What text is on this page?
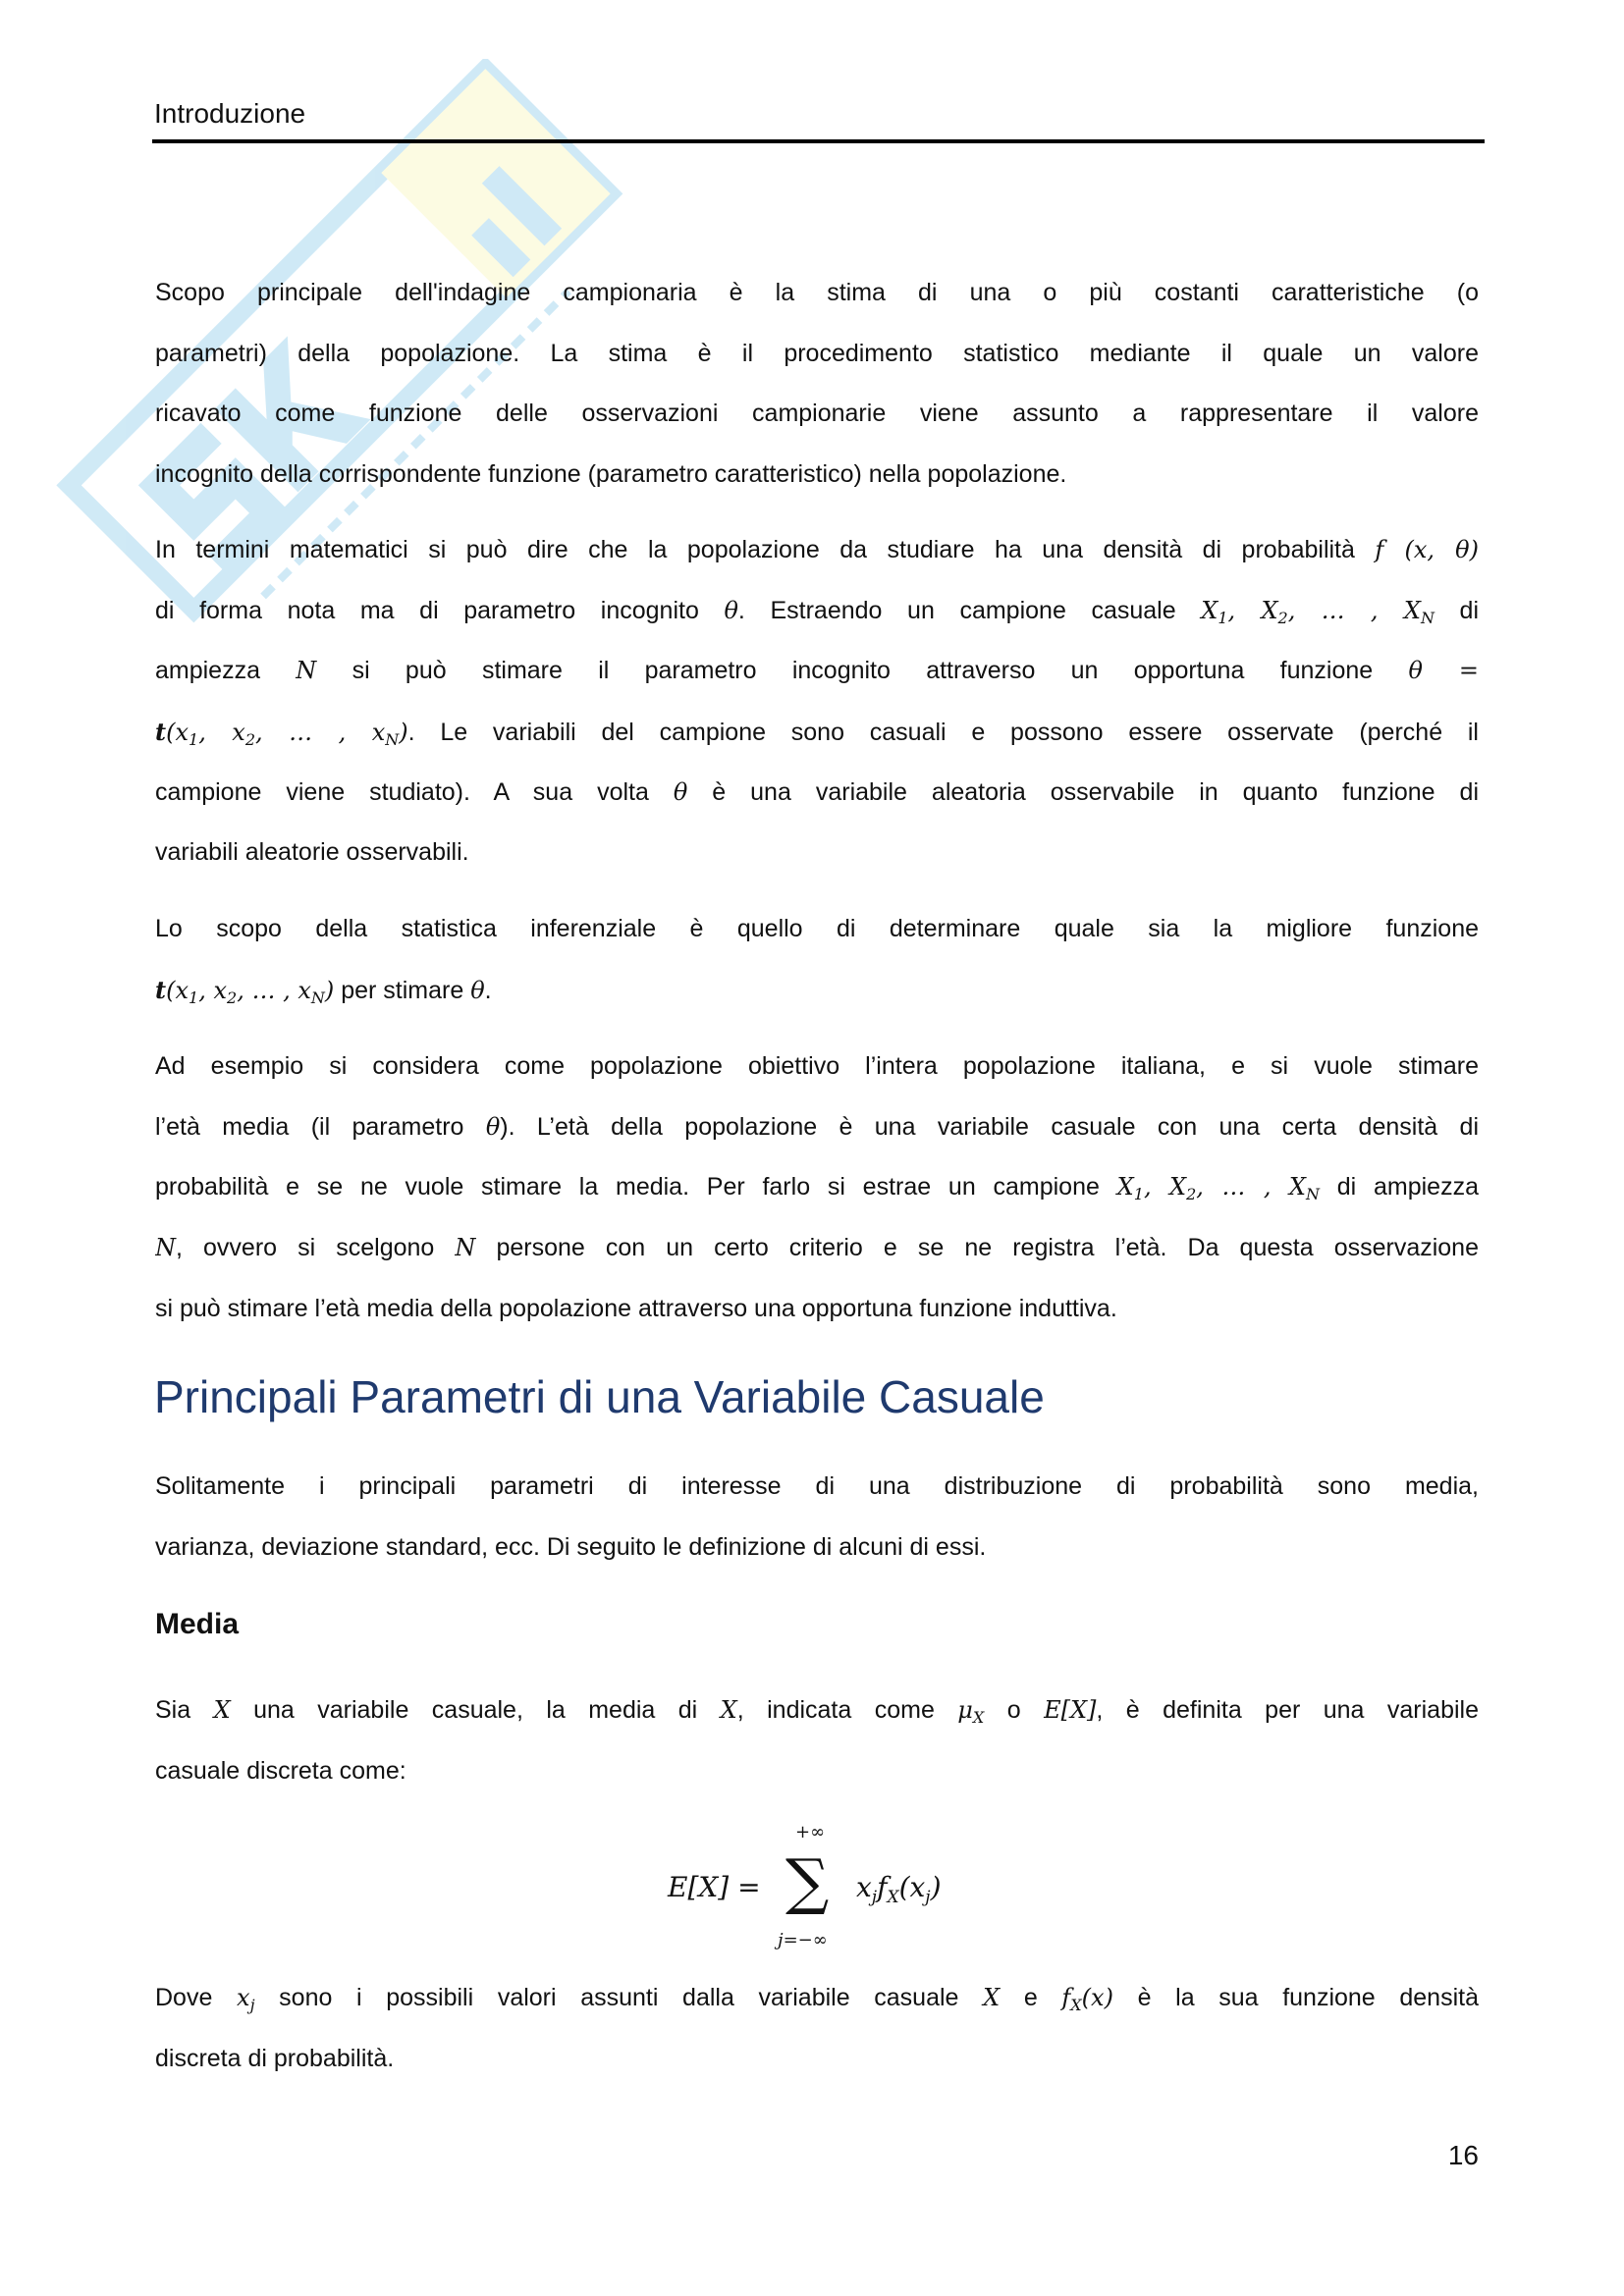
Introduzione
Scopo principale dell'indagine campionaria è la stima di una o più costanti caratteristiche (o
parametri) della popolazione. La stima è il procedimento statistico mediante il quale un valore
ricavato come funzione delle osservazioni campionarie viene assunto a rappresentare il valore
incognito della corrispondente funzione (parametro caratteristico) nella popolazione.
In termini matematici si può dire che la popolazione da studiare ha una densità di probabilità f (x, θ)
di forma nota ma di parametro incognito θ. Estraendo un campione casuale $X_1$, $X_2$, … , $X_N$ di
ampiezza N si può stimare il parametro incognito attraverso un opportuna funzione θ =
$t(x_1$, $x_2$, … , $x_N$). Le variabili del campione sono casuali e possono essere osservate (perché il
campione viene studiato). A sua volta θ è una variabile aleatoria osservabile in quanto funzione di
variabili aleatorie osservabili.
Lo scopo della statistica inferenziale è quello di determinare quale sia la migliore funzione
$t(x_1$, $x_2$, … , $x_N$) per stimare θ.
Ad esempio si considera come popolazione obiettivo l’intera popolazione italiana, e si vuole stimare
l’età media (il parametro θ). L’età della popolazione è una variabile casuale con una certa densità di
probabilità e se ne vuole stimare la media. Per farlo si estrae un campione $X_1$, $X_2$, … , $X_N$ di ampiezza
N, ovvero si scelgono N persone con un certo criterio e se ne registra l’età. Da questa osservazione
si può stimare l’età media della popolazione attraverso una opportuna funzione induttiva.
Principali Parametri di una Variabile Casuale
Solitamente i principali parametri di interesse di una distribuzione di probabilità sono media,
varianza, deviazione standard, ecc. Di seguito le definizione di alcuni di essi.
Media
Sia X una variabile casuale, la media di X, indicata come $\mu_X$ o E[X], è definita per una variabile
casuale discreta come:
E[X] =
+∞
∑
j=−∞
$x_jf_X(x_j)$
Dove $x_j$ sono i possibili valori assunti dalla variabile casuale X e $f_X(x)$ è la sua funzione densità
discreta di probabilità.
16
